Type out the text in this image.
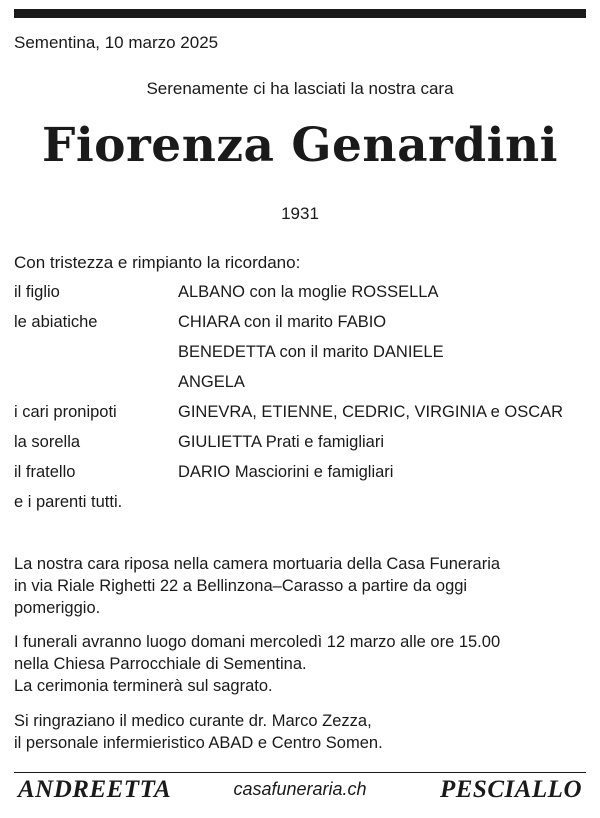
Sementina, 10 marzo 2025
Serenamente ci ha lasciati la nostra cara
Fiorenza Genardini
1931
Con tristezza e rimpianto la ricordano:
il figlio	ALBANO con la moglie ROSSELLA
le abiatiche	CHIARA con il marito FABIO
BENEDETTA con il marito DANIELE
ANGELA
i cari pronipoti	GINEVRA, ETIENNE, CEDRIC, VIRGINIA e OSCAR
la sorella	GIULIETTA Prati e famigliari
il fratello	DARIO Masciorini e famigliari
e i parenti tutti.
La nostra cara riposa nella camera mortuaria della Casa Funeraria
in via Riale Righetti 22 a Bellinzona–Carasso a partire da oggi
pomeriggio.
I funerali avranno luogo domani mercoledì 12 marzo alle ore 15.00
nella Chiesa Parrocchiale di Sementina.
La cerimonia terminerà sul sagrato.
Si ringraziano il medico curante dr. Marco Zezza,
il personale infermieristico ABAD e Centro Somen.
ANDREETTA	casafuneraria.ch	PESCIALLO
